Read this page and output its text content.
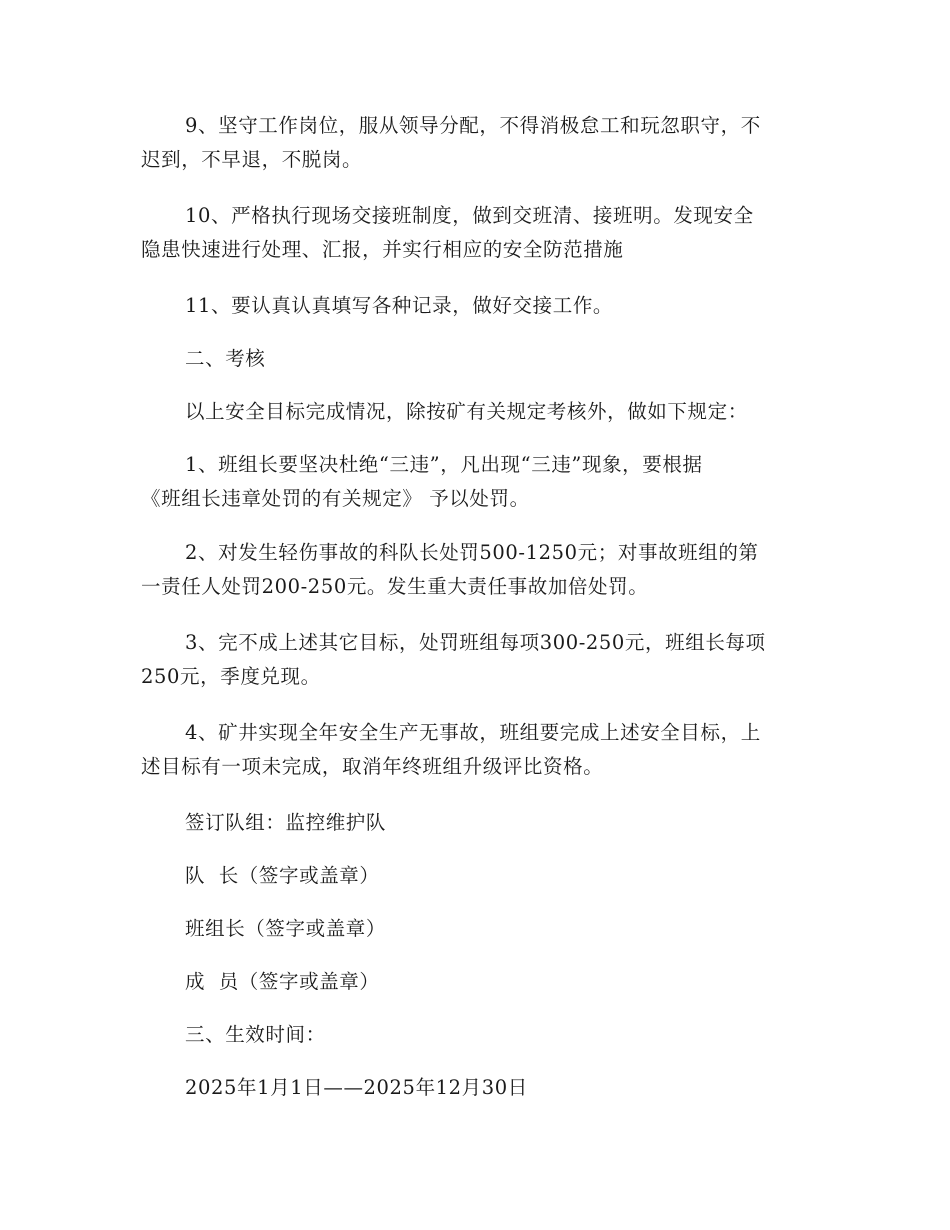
9、坚守工作岗位，服从领导分配，不得消极怠工和玩忽职守，不
迟到，不早退，不脱岗。

10、严格执行现场交接班制度，做到交班清、接班明。发现安全
隐患快速进行处理、汇报，并实行相应的安全防范措施

11、要认真认真填写各种记录，做好交接工作。

二、考核

以上安全目标完成情况，除按矿有关规定考核外，做如下规定：

1、班组长要坚决杜绝“三违”，凡出现“三违”现象，要根据
《班组长违章处罚的有关规定》 予以处罚。

2、对发生轻伤事故的科队长处罚500-1250元；对事故班组的第
一责任人处罚200-250元。发生重大责任事故加倍处罚。

3、完不成上述其它目标，处罚班组每项300-250元，班组长每项
250元，季度兑现。

4、矿井实现全年安全生产无事故，班组要完成上述安全目标，上
述目标有一项未完成，取消年终班组升级评比资格。

签订队组：监控维护队

队  长（签字或盖章）

班组长（签字或盖章）

成  员（签字或盖章）

三、生效时间：

2025年1月1日——2025年12月30日
